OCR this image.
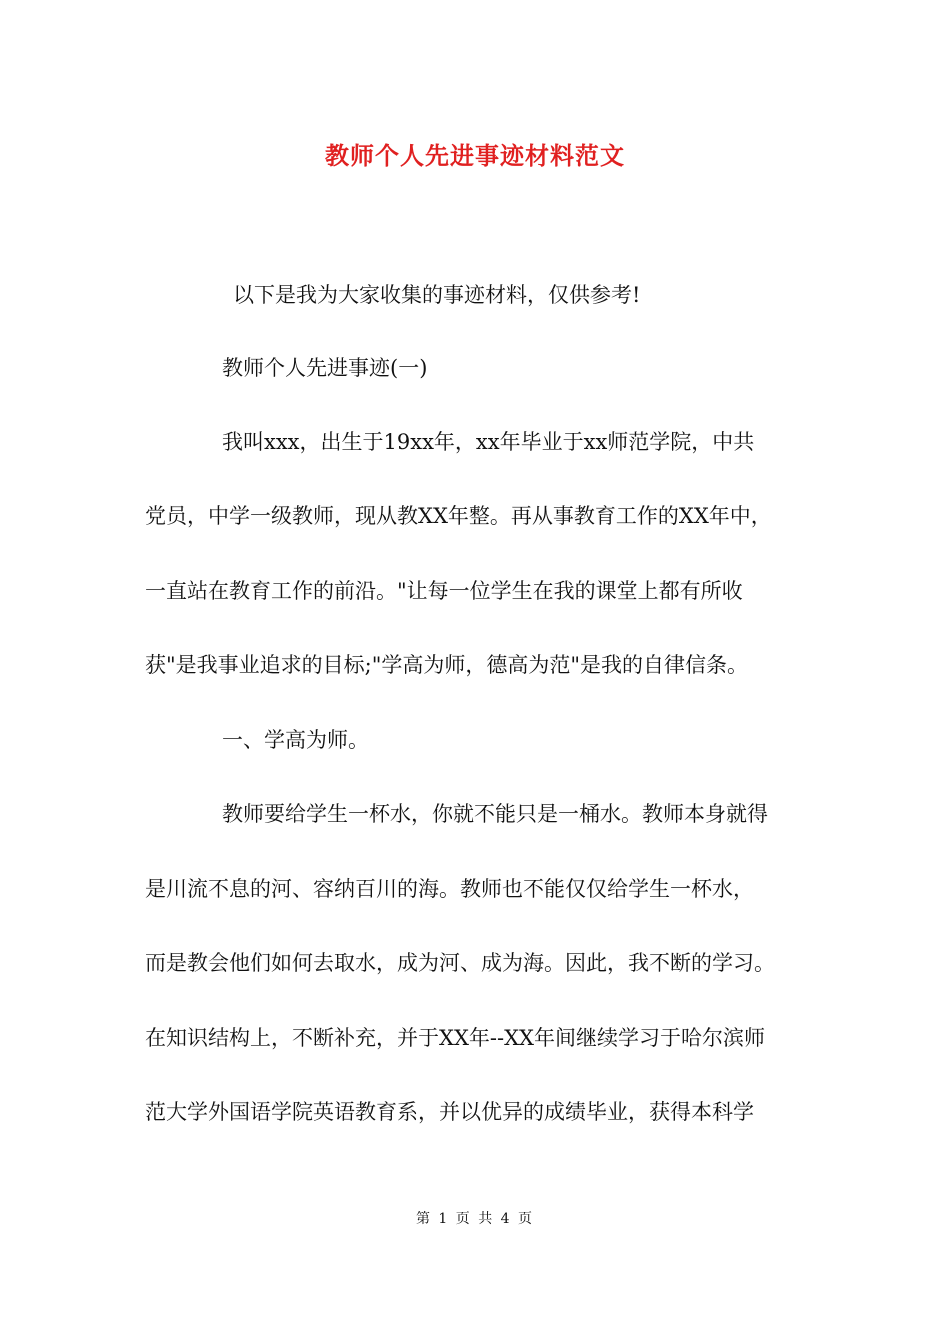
教师个人先进事迹材料范文

以下是我为大家收集的事迹材料，仅供参考!

教师个人先进事迹(一)

我叫xxx，出生于19xx年，xx年毕业于xx师范学院，中共

党员，中学一级教师，现从教XX年整。再从事教育工作的XX年中，

一直站在教育工作的前沿。"让每一位学生在我的课堂上都有所收

获"是我事业追求的目标;"学高为师，德高为范"是我的自律信条。

一、学高为师。

教师要给学生一杯水，你就不能只是一桶水。教师本身就得

是川流不息的河、容纳百川的海。教师也不能仅仅给学生一杯水，

而是教会他们如何去取水，成为河、成为海。因此，我不断的学习。

在知识结构上，不断补充，并于XX年--XX年间继续学习于哈尔滨师

范大学外国语学院英语教育系，并以优异的成绩毕业，获得本科学

第 1 页 共 4 页
